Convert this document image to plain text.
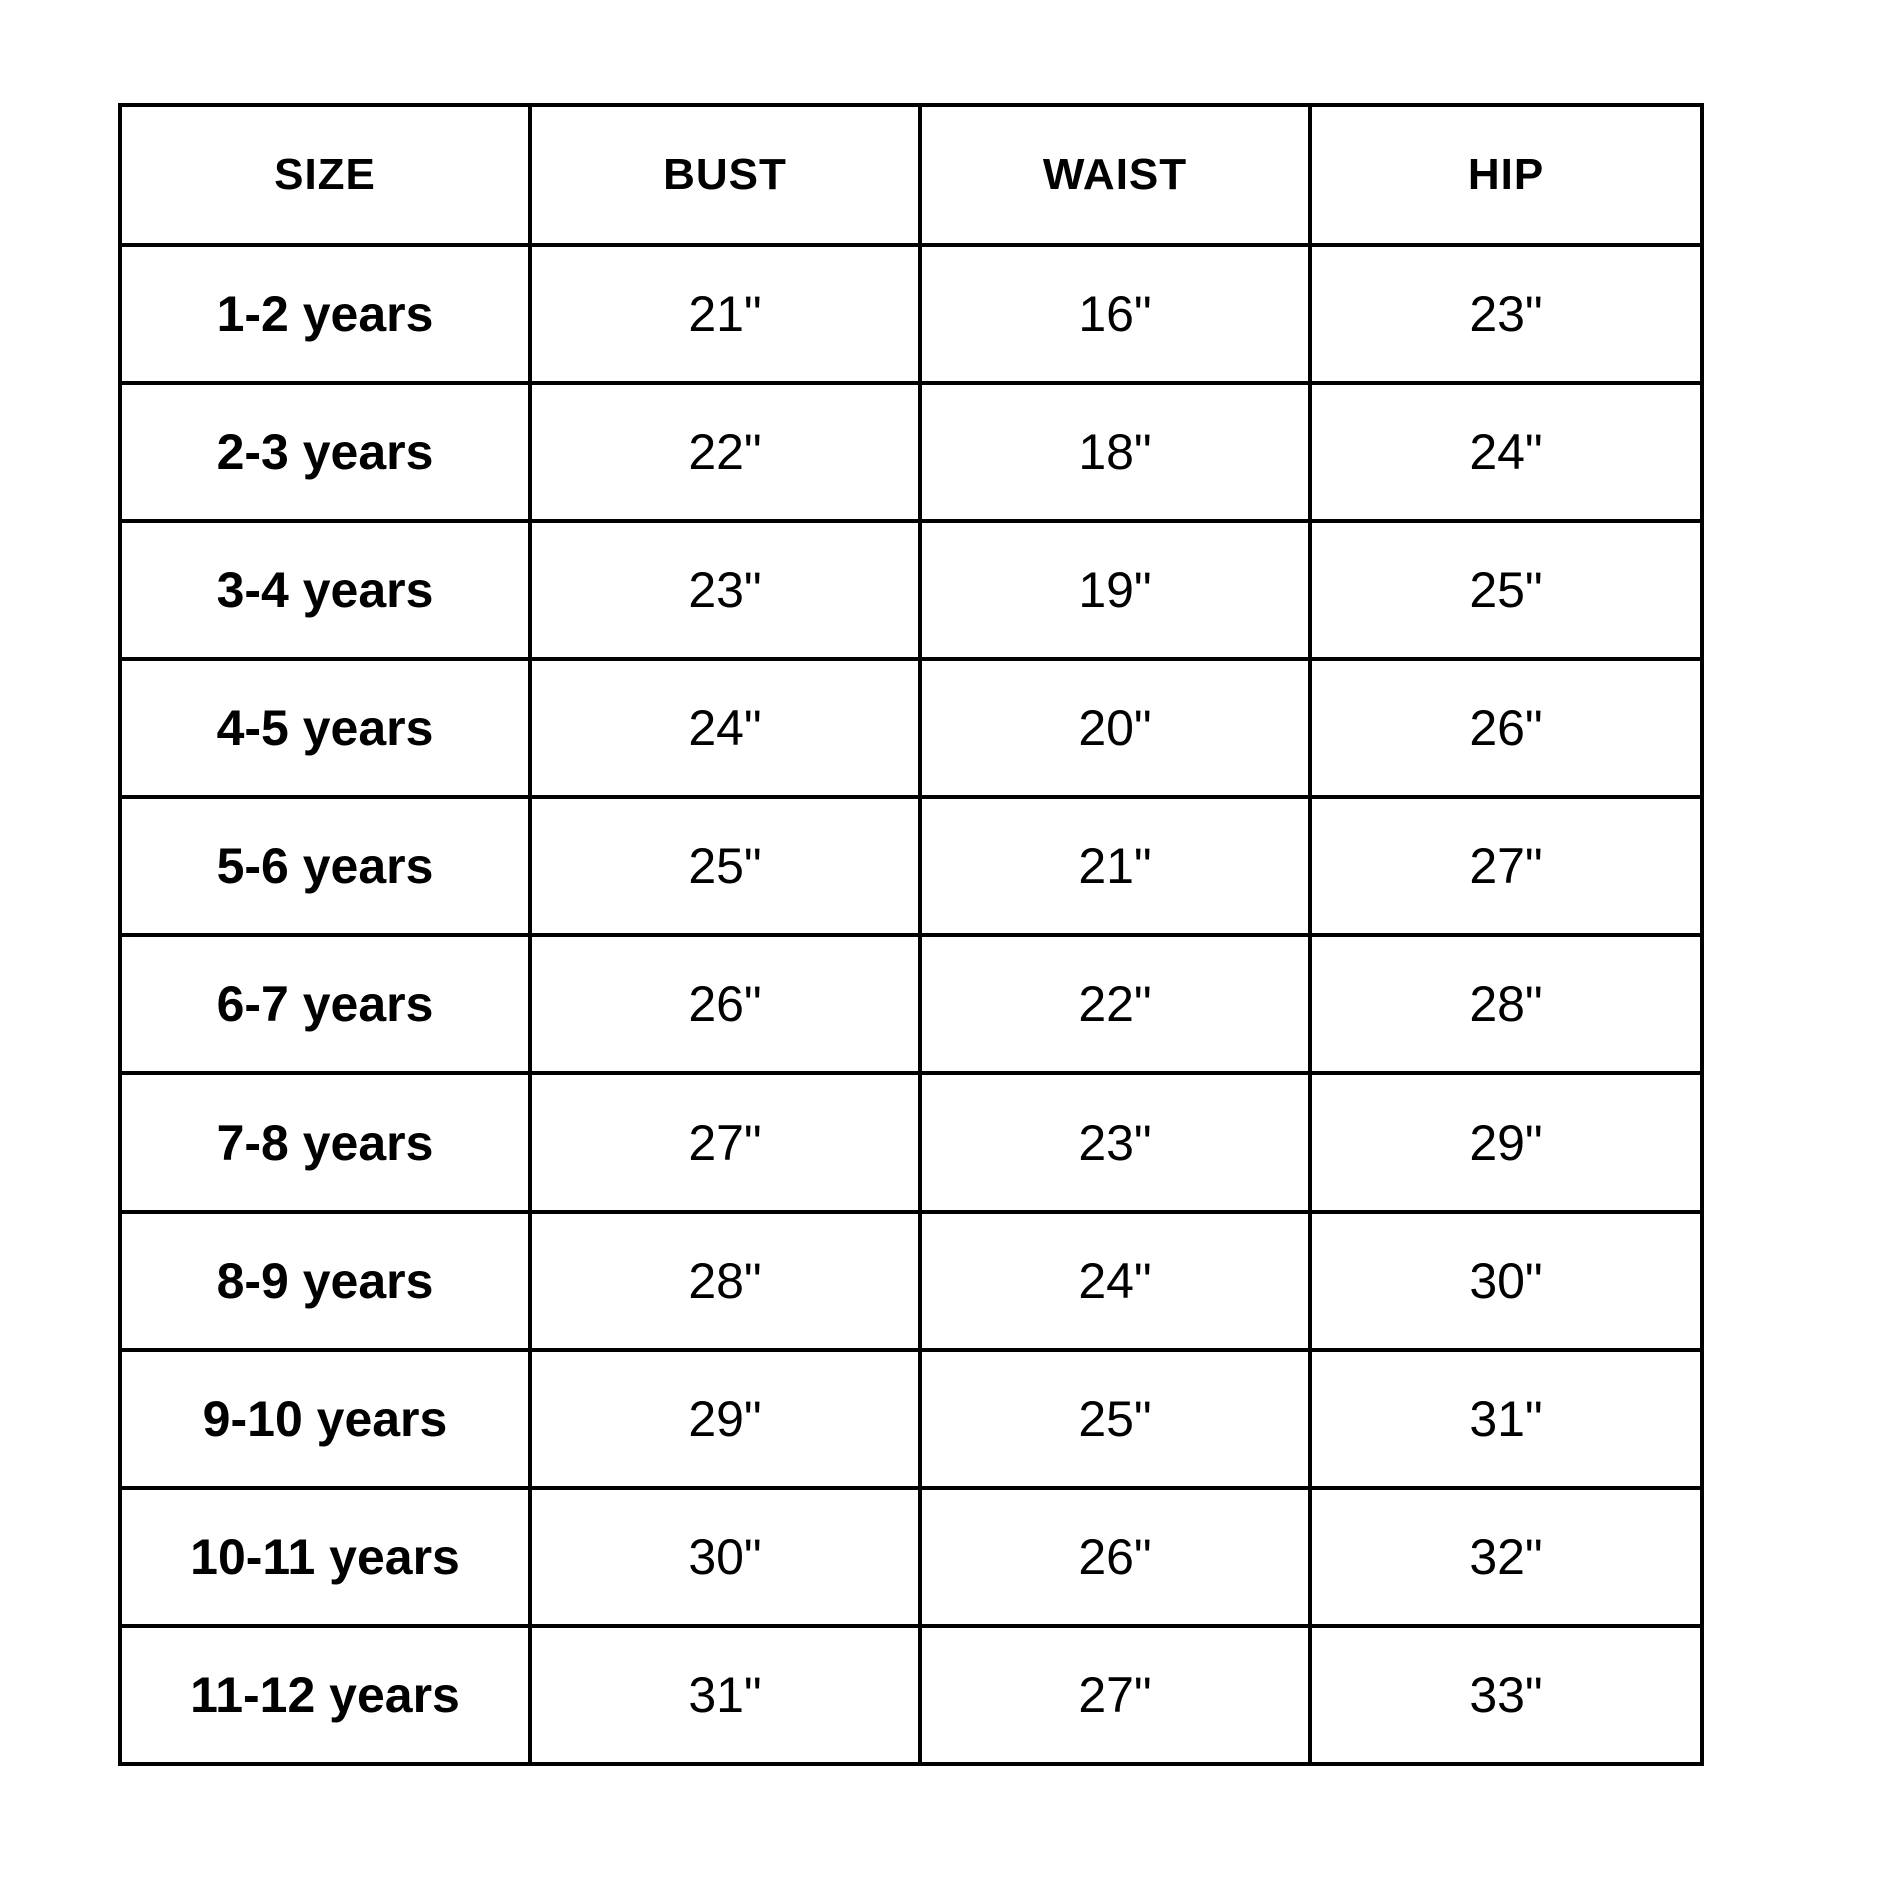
SIZE	BUST	WAIST	HIP
1-2 years	21"	16"	23"
2-3 years	22"	18"	24"
3-4 years	23"	19"	25"
4-5 years	24"	20"	26"
5-6 years	25"	21"	27"
6-7 years	26"	22"	28"
7-8 years	27"	23"	29"
8-9 years	28"	24"	30"
9-10 years	29"	25"	31"
10-11 years	30"	26"	32"
11-12 years	31"	27"	33"
